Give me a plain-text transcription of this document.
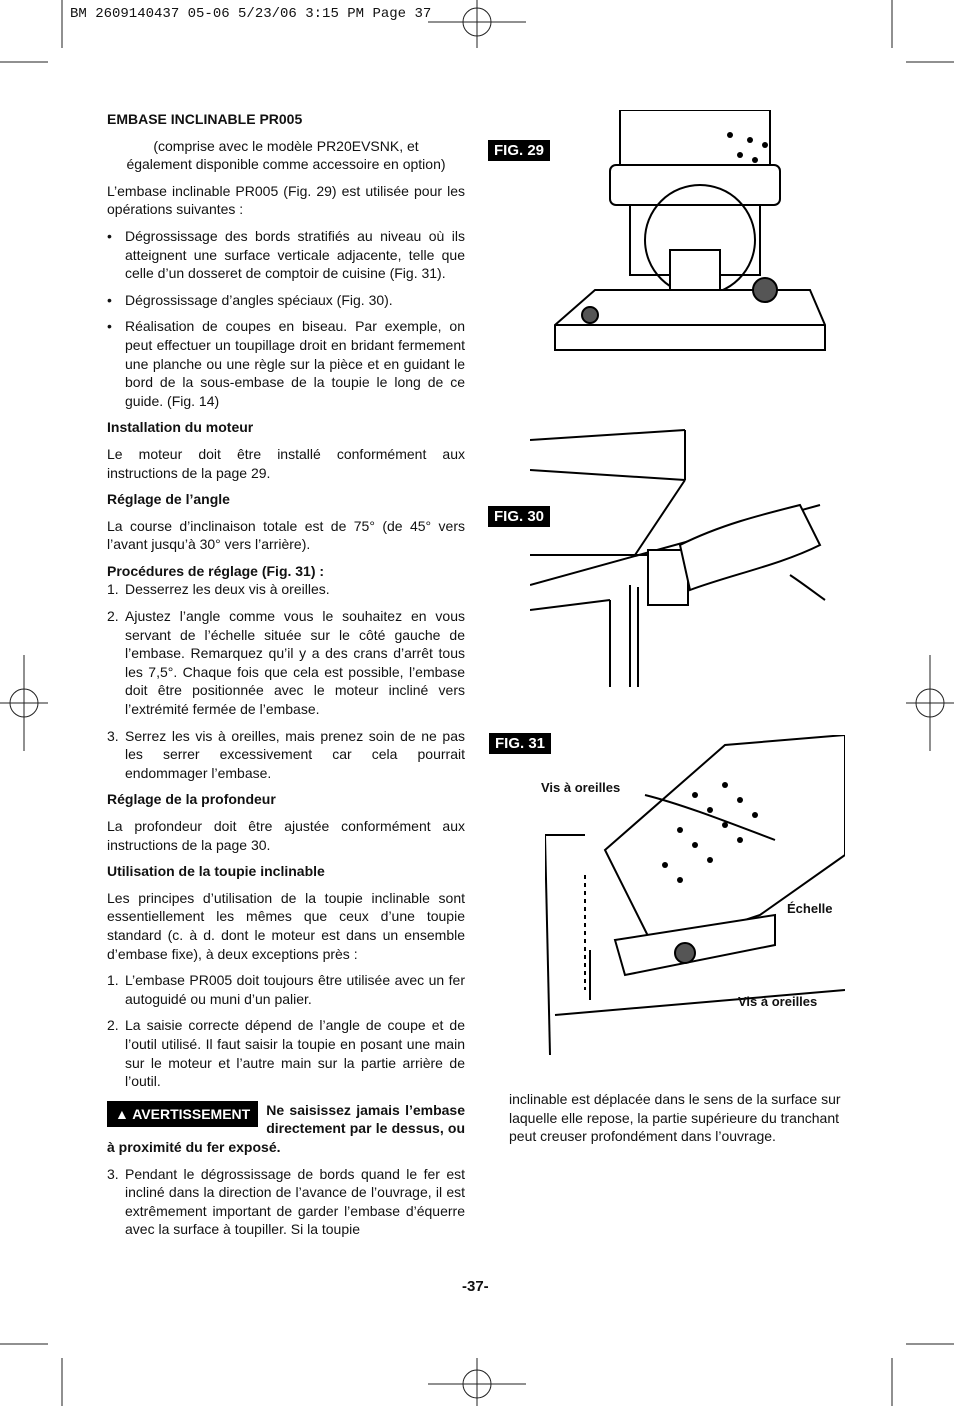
BM 2609140437 05-06 5/23/06 3:15 PM Page 37

EMBASE INCLINABLE PR005

(comprise avec le modèle PR20EVSNK, et également disponible comme accessoire en option)

L’embase inclinable PR005 (Fig. 29) est utilisée pour les opérations suivantes :

• Dégrossissage des bords stratifiés au niveau où ils atteignent une surface verticale adjacente, telle que celle d’un dosseret de comptoir de cuisine (Fig. 31).
• Dégrossissage d’angles spéciaux (Fig. 30).
• Réalisation de coupes en biseau. Par exemple, on peut effectuer un toupillage droit en bridant fermement une planche ou une règle sur la pièce et en guidant le bord de la sous-embase de la toupie le long de ce guide. (Fig. 14)

Installation du moteur

Le moteur doit être installé conformément aux instructions de la page 29.

Réglage de l’angle

La course d’inclinaison totale est de 75° (de 45° vers l’avant jusqu’à 30° vers l’arrière).

Procédures de réglage (Fig. 31) :

1. Desserrez les deux vis à oreilles.
2. Ajustez l’angle comme vous le souhaitez en vous servant de l’échelle située sur le côté gauche de l’embase. Remarquez qu’il y a des crans d’arrêt tous les 7,5°. Chaque fois que cela est possible, l’embase doit être positionnée avec le moteur incliné vers l’extrémité fermée de l’embase.
3. Serrez les vis à oreilles, mais prenez soin de ne pas les serrer excessivement car cela pourrait endommager l’embase.

Réglage de la profondeur

La profondeur doit être ajustée conformément aux instructions de la page 30.

Utilisation de la toupie inclinable

Les principes d’utilisation de la toupie inclinable sont essentiellement les mêmes que ceux d’une toupie standard (c. à d. dont le moteur est dans un ensemble d’embase fixe), à deux exceptions près :

1. L’embase PR005 doit toujours être utilisée avec un fer autoguidé ou muni d’un palier.
2. La saisie correcte dépend de l’angle de coupe et de l’outil utilisé. Il faut saisir la toupie en posant une main sur le moteur et l’autre main sur la partie arrière de l’outil.

▲ AVERTISSEMENT	Ne saisissez jamais l’embase directement par le dessus, ou à proximité du fer exposé.

3. Pendant le dégrossissage de bords quand le fer est incliné dans la direction de l’avance de l’ouvrage, il est extrêmement important de garder l’embase d’équerre avec la surface à toupiller. Si la toupie
FIG. 29
FIG. 30
FIG. 31
Vis à oreilles
Échelle
Vis à oreilles
inclinable est déplacée dans le sens de la surface sur laquelle elle repose, la partie supérieure du tranchant peut creuser profondément dans l’ouvrage.
-37-
